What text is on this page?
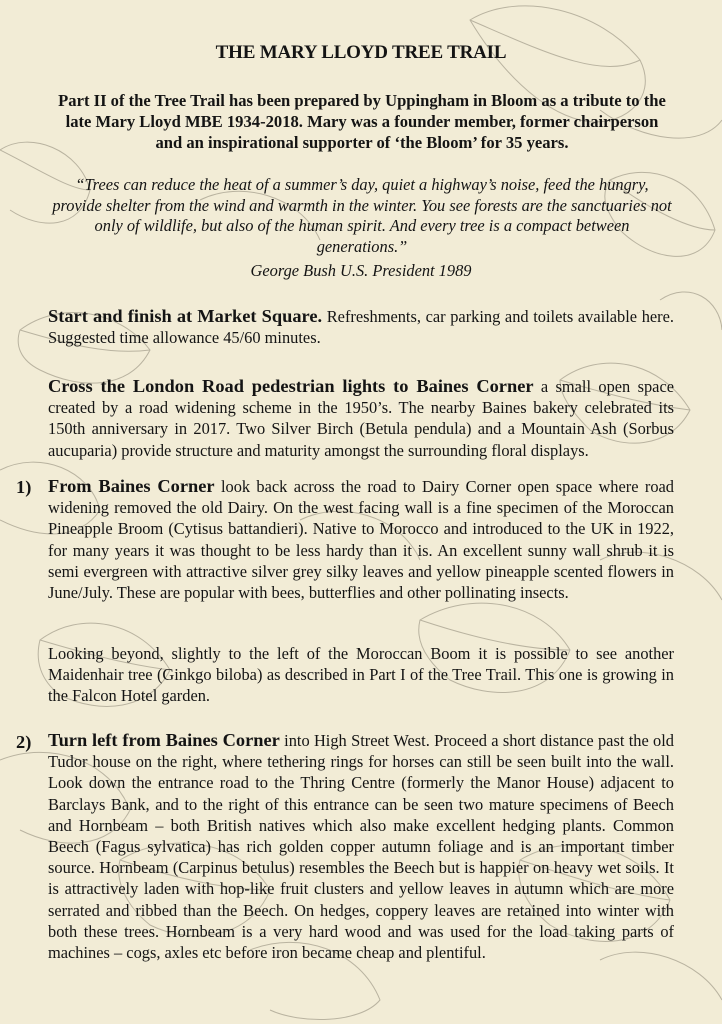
THE MARY LLOYD TREE TRAIL
Part II of the Tree Trail has been prepared by Uppingham in Bloom as a tribute to the late Mary Lloyd MBE 1934-2018. Mary was a founder member, former chairperson and an inspirational supporter of ‘the Bloom’ for 35 years.
“Trees can reduce the heat of a summer’s day, quiet a highway’s noise, feed the hungry, provide shelter from the wind and warmth in the winter. You see forests are the sanctuaries not only of wildlife, but also of the human spirit. And every tree is a compact between generations.”
George Bush U.S. President 1989
Start and finish at Market Square. Refreshments, car parking and toilets available here. Suggested time allowance 45/60 minutes.
Cross the London Road pedestrian lights to Baines Corner a small open space created by a road widening scheme in the 1950’s. The nearby Baines bakery celebrated its 150th anniversary in 2017. Two Silver Birch (Betula pendula) and a Mountain Ash (Sorbus aucuparia) provide structure and maturity amongst the surrounding floral displays.
1) From Baines Corner look back across the road to Dairy Corner open space where road widening removed the old Dairy. On the west facing wall is a fine specimen of the Moroccan Pineapple Broom (Cytisus battandieri). Native to Morocco and introduced to the UK in 1922, for many years it was thought to be less hardy than it is. An excellent sunny wall shrub it is semi evergreen with attractive silver grey silky leaves and yellow pineapple scented flowers in June/July. These are popular with bees, butterflies and other pollinating insects.
Looking beyond, slightly to the left of the Moroccan Boom it is possible to see another Maidenhair tree (Ginkgo biloba) as described in Part I of the Tree Trail. This one is growing in the Falcon Hotel garden.
2) Turn left from Baines Corner into High Street West. Proceed a short distance past the old Tudor house on the right, where tethering rings for horses can still be seen built into the wall. Look down the entrance road to the Thring Centre (formerly the Manor House) adjacent to Barclays Bank, and to the right of this entrance can be seen two mature specimens of Beech and Hornbeam – both British natives which also make excellent hedging plants. Common Beech (Fagus sylvatica) has rich golden copper autumn foliage and is an important timber source. Hornbeam (Carpinus betulus) resembles the Beech but is happier on heavy wet soils. It is attractively laden with hop-like fruit clusters and yellow leaves in autumn which are more serrated and ribbed than the Beech. On hedges, coppery leaves are retained into winter with both these trees. Hornbeam is a very hard wood and was used for the load taking parts of machines – cogs, axles etc before iron became cheap and plentiful.
